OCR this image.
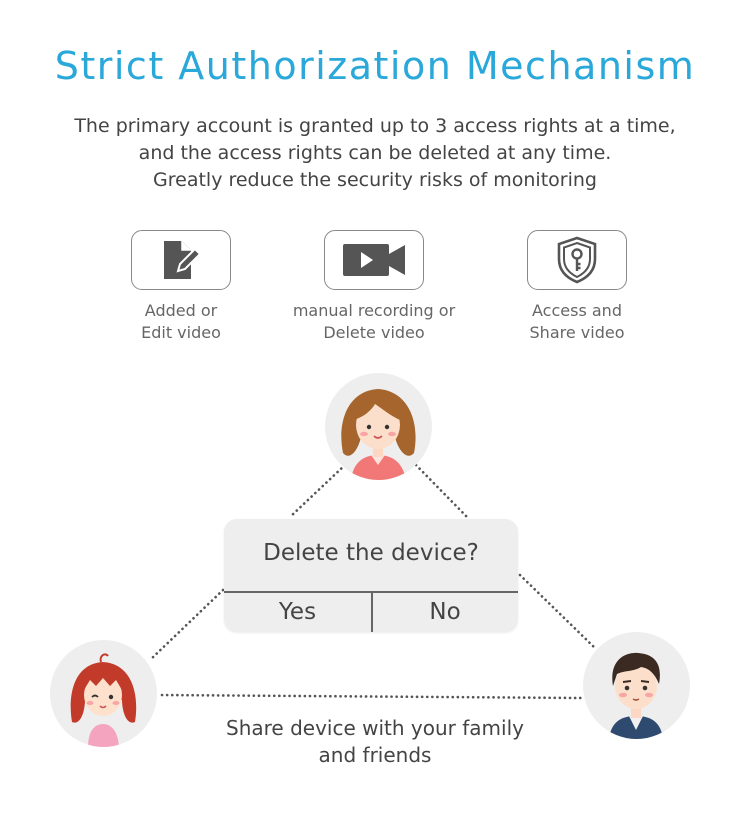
Strict Authorization Mechanism
The primary account is granted up to 3 access rights at a time,
and the access rights can be deleted at any time.
Greatly reduce the security risks of monitoring
Added or
Edit video
manual recording or
Delete video
Access and
Share video
Delete the device?
Yes	No
Share device with your family
and friends
